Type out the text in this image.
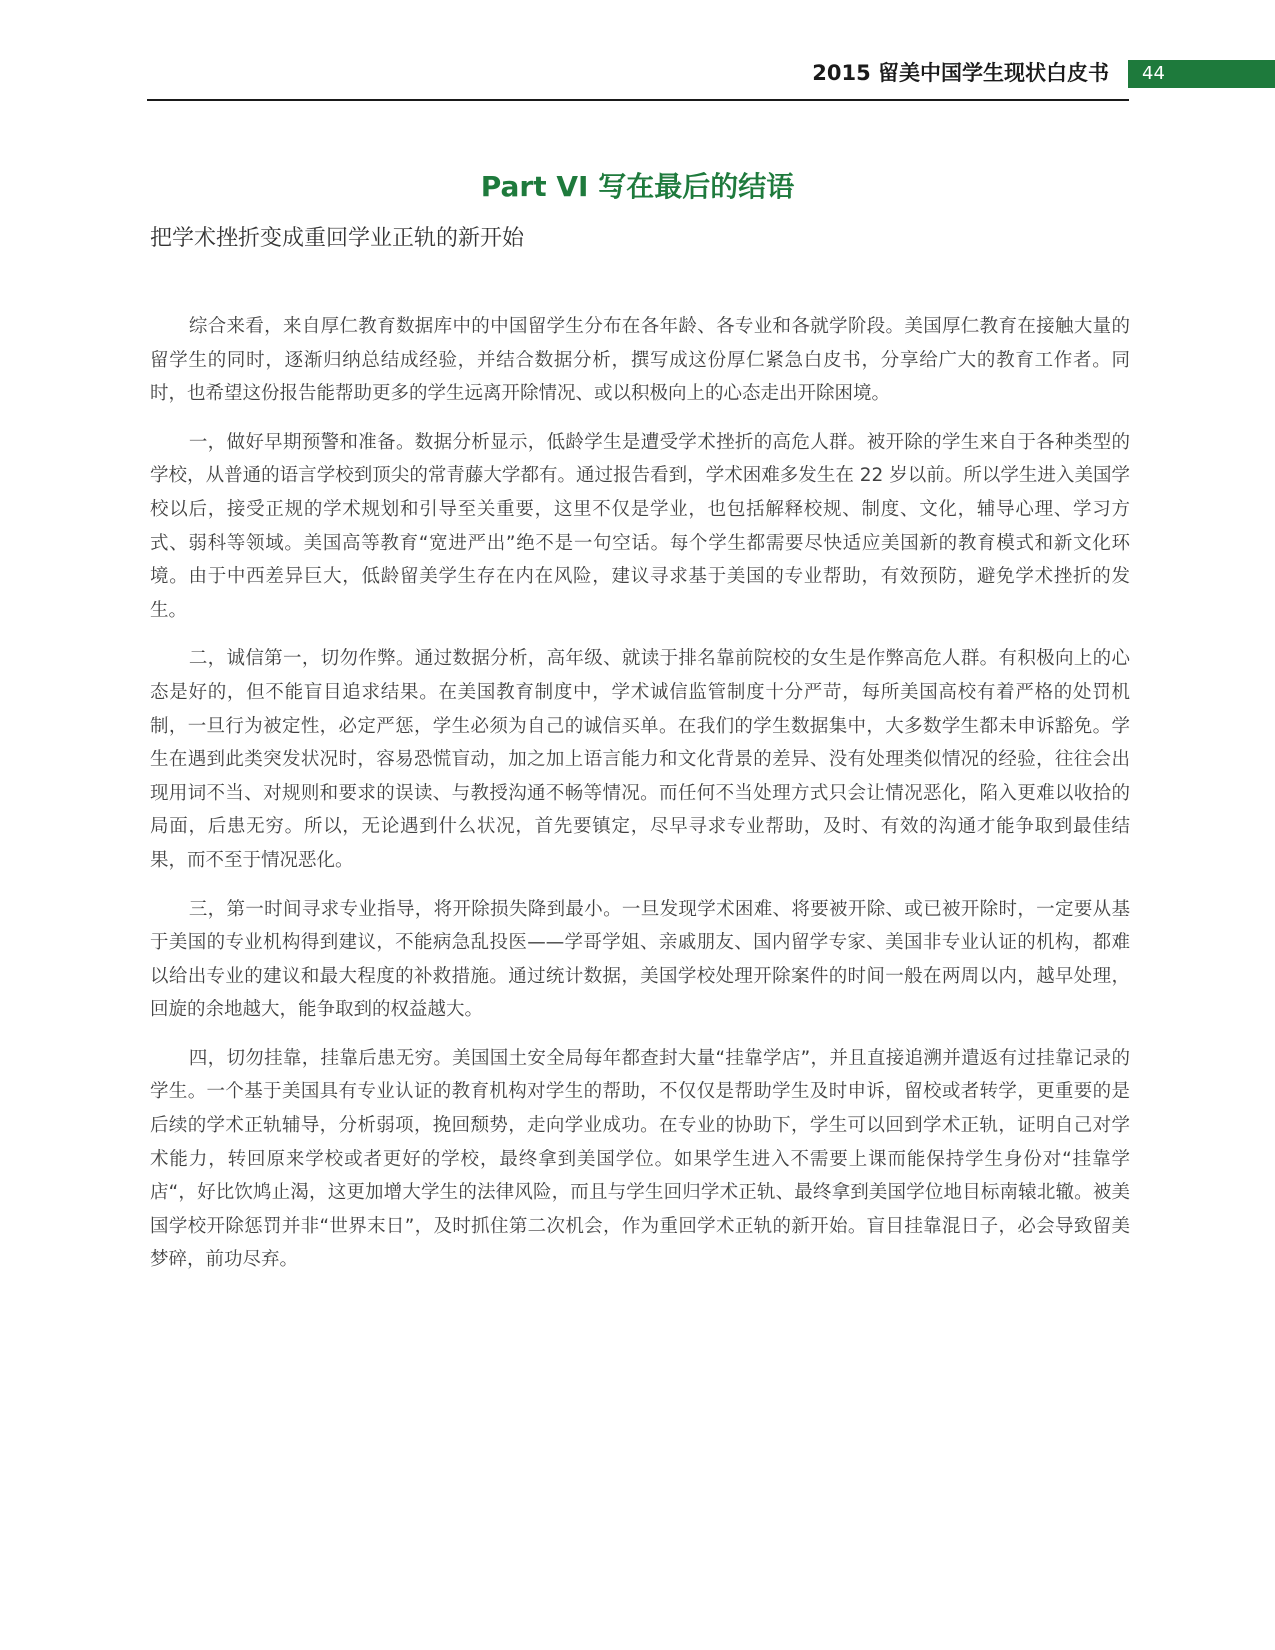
2015 留美中国学生现状白皮书 44
Part VI 写在最后的结语
把学术挫折变成重回学业正轨的新开始

综合来看，来自厚仁教育数据库中的中国留学生分布在各年龄、各专业和各就学阶段。美国厚仁教育在接触大量的留学生的同时，逐渐归纳总结成经验，并结合数据分析，撰写成这份厚仁紧急白皮书，分享给广大的教育工作者。同时，也希望这份报告能帮助更多的学生远离开除情况、或以积极向上的心态走出开除困境。

一，做好早期预警和准备。数据分析显示，低龄学生是遭受学术挫折的高危人群。被开除的学生来自于各种类型的学校，从普通的语言学校到顶尖的常青藤大学都有。通过报告看到，学术困难多发生在 22 岁以前。所以学生进入美国学校以后，接受正规的学术规划和引导至关重要，这里不仅是学业，也包括解释校规、制度、文化，辅导心理、学习方式、弱科等领域。美国高等教育“宽进严出”绝不是一句空话。每个学生都需要尽快适应美国新的教育模式和新文化环境。由于中西差异巨大，低龄留美学生存在内在风险，建议寻求基于美国的专业帮助，有效预防，避免学术挫折的发生。

二，诚信第一，切勿作弊。通过数据分析，高年级、就读于排名靠前院校的女生是作弊高危人群。有积极向上的心态是好的，但不能盲目追求结果。在美国教育制度中，学术诚信监管制度十分严苛，每所美国高校有着严格的处罚机制，一旦行为被定性，必定严惩，学生必须为自己的诚信买单。在我们的学生数据集中，大多数学生都未申诉豁免。学生在遇到此类突发状况时，容易恐慌盲动，加之加上语言能力和文化背景的差异、没有处理类似情况的经验，往往会出现用词不当、对规则和要求的误读、与教授沟通不畅等情况。而任何不当处理方式只会让情况恶化，陷入更难以收拾的局面，后患无穷。所以，无论遇到什么状况，首先要镇定，尽早寻求专业帮助，及时、有效的沟通才能争取到最佳结果，而不至于情况恶化。

三，第一时间寻求专业指导，将开除损失降到最小。一旦发现学术困难、将要被开除、或已被开除时，一定要从基于美国的专业机构得到建议，不能病急乱投医——学哥学姐、亲戚朋友、国内留学专家、美国非专业认证的机构，都难以给出专业的建议和最大程度的补救措施。通过统计数据，美国学校处理开除案件的时间一般在两周以内，越早处理，回旋的余地越大，能争取到的权益越大。

四，切勿挂靠，挂靠后患无穷。美国国土安全局每年都查封大量“挂靠学店”，并且直接追溯并遣返有过挂靠记录的学生。一个基于美国具有专业认证的教育机构对学生的帮助，不仅仅是帮助学生及时申诉，留校或者转学，更重要的是后续的学术正轨辅导，分析弱项，挽回颓势，走向学业成功。在专业的协助下，学生可以回到学术正轨，证明自己对学术能力，转回原来学校或者更好的学校，最终拿到美国学位。如果学生进入不需要上课而能保持学生身份对“挂靠学店“，好比饮鸠止渴，这更加增大学生的法律风险，而且与学生回归学术正轨、最终拿到美国学位地目标南辕北辙。被美国学校开除惩罚并非“世界末日”，及时抓住第二次机会，作为重回学术正轨的新开始。盲目挂靠混日子，必会导致留美梦碎，前功尽弃。
